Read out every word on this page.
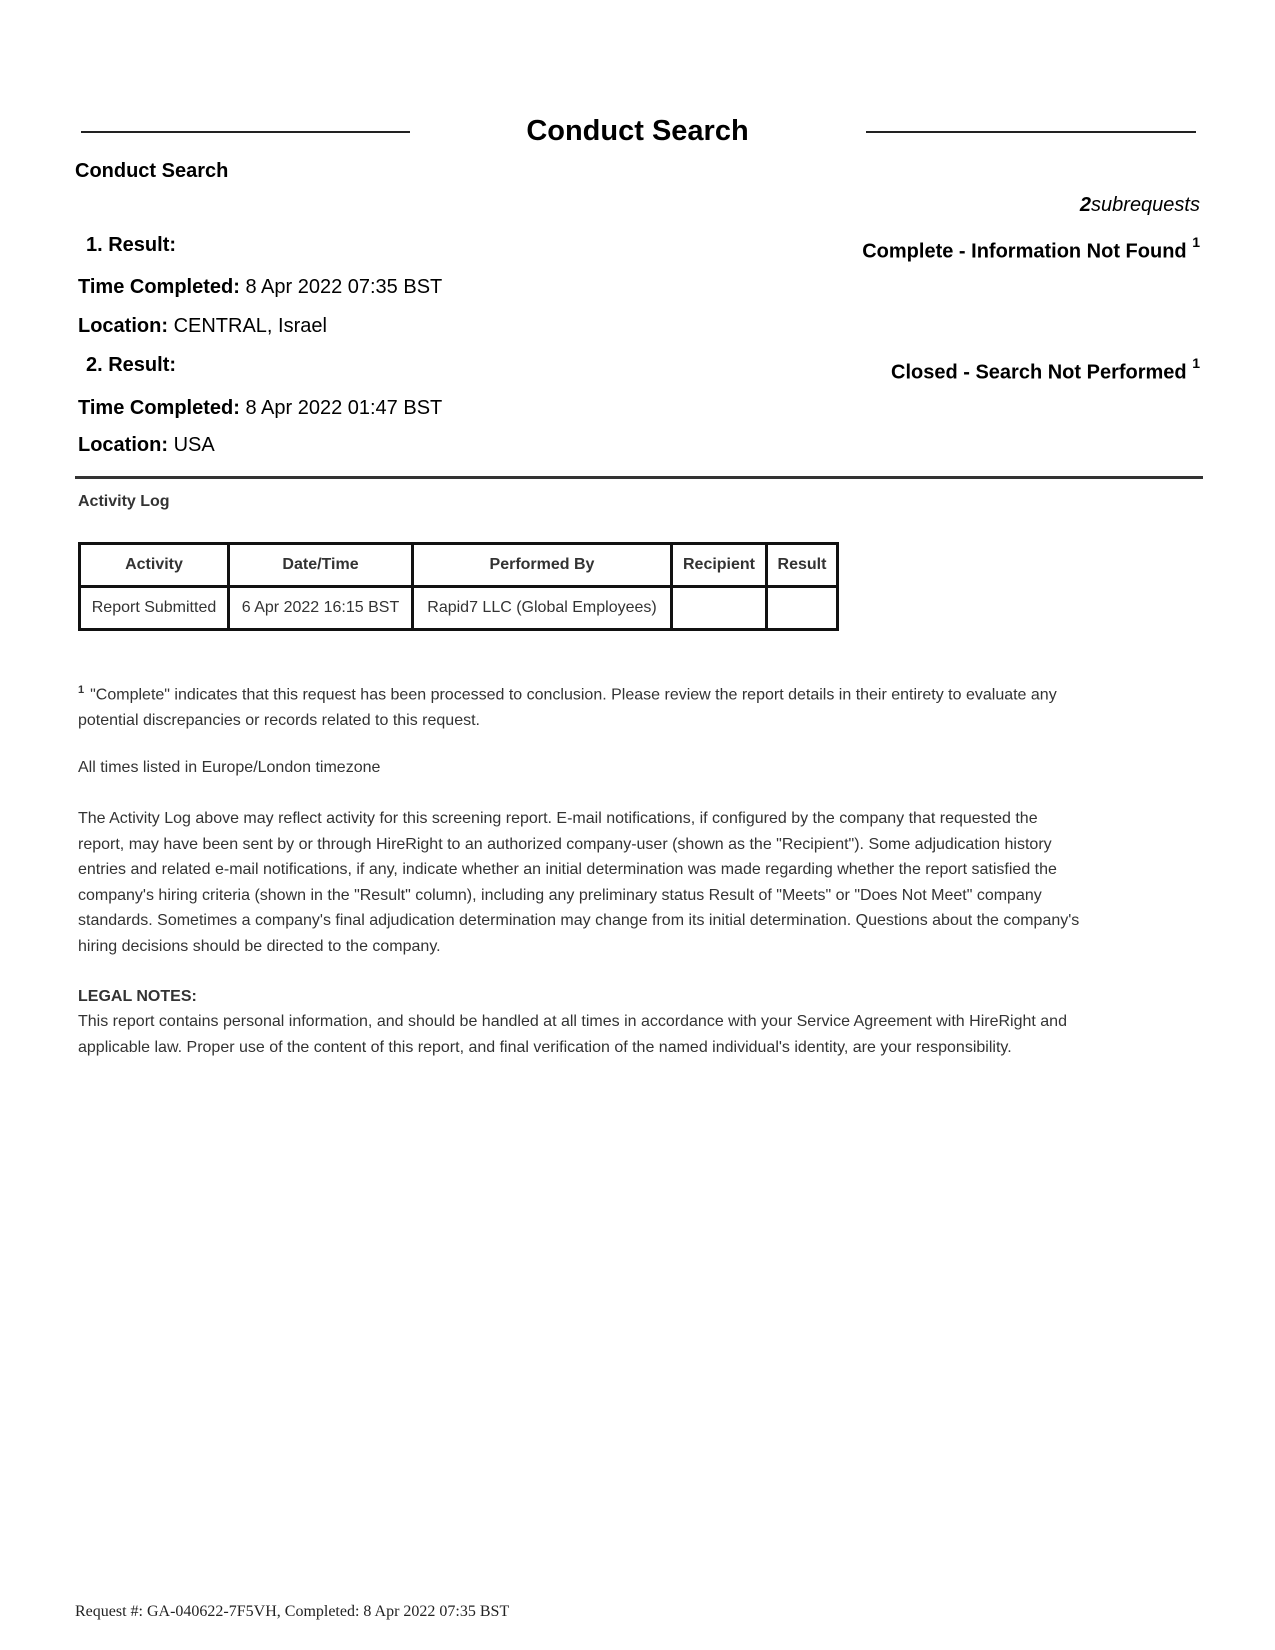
Conduct Search
Conduct Search
2subrequests
1. Result:	Complete - Information Not Found $^1$
Time Completed: 8 Apr 2022 07:35 BST
Location: CENTRAL, Israel
2. Result:	Closed - Search Not Performed $^1$
Time Completed: 8 Apr 2022 01:47 BST
Location: USA
Activity Log
Activity	Date/Time	Performed By	Recipient	Result
Report Submitted	6 Apr 2022 16:15 BST	Rapid7 LLC (Global Employees)		
$^1$ "Complete" indicates that this request has been processed to conclusion. Please review the report details in their entirety to evaluate any potential discrepancies or records related to this request.
All times listed in Europe/London timezone
The Activity Log above may reflect activity for this screening report. E-mail notifications, if configured by the company that requested the report, may have been sent by or through HireRight to an authorized company-user (shown as the "Recipient"). Some adjudication history entries and related e-mail notifications, if any, indicate whether an initial determination was made regarding whether the report satisfied the company's hiring criteria (shown in the "Result" column), including any preliminary status Result of "Meets" or "Does Not Meet" company standards. Sometimes a company's final adjudication determination may change from its initial determination. Questions about the company's hiring decisions should be directed to the company.
LEGAL NOTES:
This report contains personal information, and should be handled at all times in accordance with your Service Agreement with HireRight and applicable law. Proper use of the content of this report, and final verification of the named individual's identity, are your responsibility.
Request #: GA-040622-7F5VH, Completed: 8 Apr 2022 07:35 BST
